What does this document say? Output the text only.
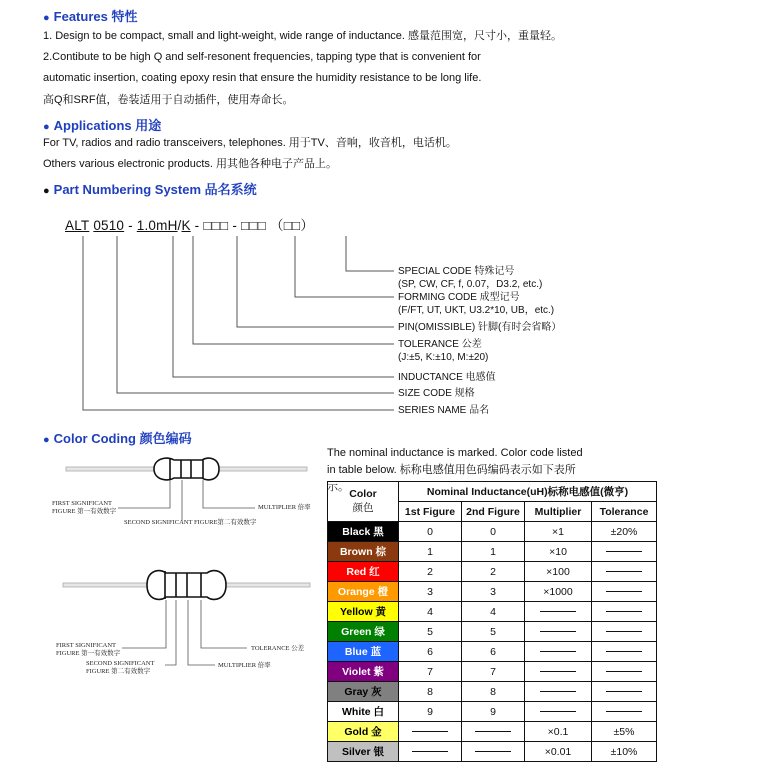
● Features 特性
1. Design to be compact, small and light-weight, wide range of inductance. 感量范围宽，尺寸小，重量轻。
2.Contibute to be high Q and self-resonent frequencies, tapping type that is convenient for
automatic insertion, coating epoxy resin that ensure the humidity resistance to be long life.
高Q和SRF值，卷装适用于自动插件，使用寿命长。
● Applications 用途
For TV, radios and radio transceivers, telephones. 用于TV、音响，收音机，电话机。
Others various electronic products. 用其他各种电子产品上。
● Part Numbering System 品名系统
ALT 0510 - 1.0mH/K - □□□ - □□□ （□□）
SPECIAL CODE 特殊记号
(SP, CW, CF, f, 0.07，D3.2, etc.)
FORMING CODE 成型记号
(F/FT, UT, UKT, U3.2*10, UB，etc.)
PIN(OMISSIBLE) 针脚(有时会省略）
TOLERANCE 公差
(J:±5, K:±10, M:±20)
INDUCTANCE 电感值
SIZE CODE 规格
SERIES NAME 品名
● Color Coding 颜色编码
FIRST SIGNIFICANT
FIGURE 第一有效数字
SECOND SIGNIFICANT FIGURE第二有效数字
MULTIPLIER 倍率
FIRST SIGNIFICANT
FIGURE 第一有效数字
SECOND SIGNIFICANT
FIGURE 第二有效数字
TOLERANCE 公差
MULTIPLIER 倍率
The nominal inductance is marked. Color code listed
in table below. 标称电感值用色码编码表示如下表所
示。
Color
颜色	Nominal Inductance(uH)标称电感值(微亨)			
	1st Figure	2nd Figure	Multiplier	Tolerance
Black 黑	0	0	×1	±20%
Brown 棕	1	1	×10	
Red 红	2	2	×100	
Orange 橙	3	3	×1000	
Yellow 黄	4	4		
Green 绿	5	5		
Blue 蓝	6	6		
Violet 紫	7	7		
Gray 灰	8	8		
White 白	9	9		
Gold 金			×0.1	±5%
Silver 银			×0.01	±10%
